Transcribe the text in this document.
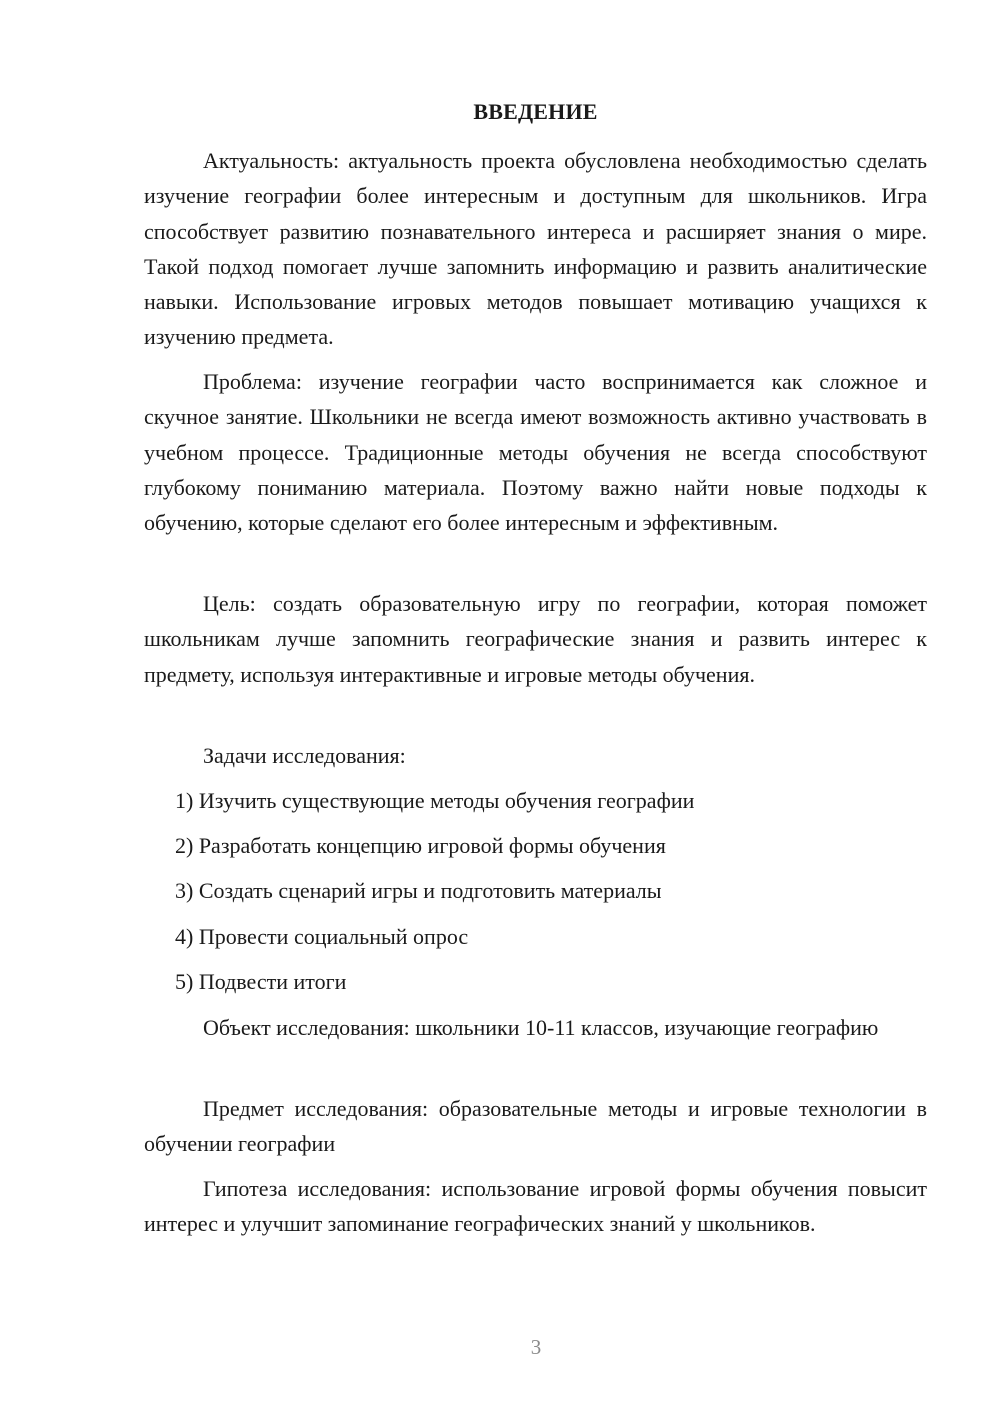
ВВЕДЕНИЕ

Актуальность: актуальность проекта обусловлена необходимостью сделать изучение географии более интересным и доступным для школьников. Игра способствует развитию познавательного интереса и расширяет знания о мире. Такой подход помогает лучше запомнить информацию и развить аналитические навыки. Использование игровых методов повышает мотивацию учащихся к изучению предмета.

Проблема: изучение географии часто воспринимается как сложное и скучное занятие. Школьники не всегда имеют возможность активно участвовать в учебном процессе. Традиционные методы обучения не всегда способствуют глубокому пониманию материала. Поэтому важно найти новые подходы к обучению, которые сделают его более интересным и эффективным.

Цель: создать образовательную игру по географии, которая поможет школьникам лучше запомнить географические знания и развить интерес к предмету, используя интерактивные и игровые методы обучения.

Задачи исследования:

1) Изучить существующие методы обучения географии

2) Разработать концепцию игровой формы обучения

3) Создать сценарий игры и подготовить материалы

4) Провести социальный опрос

5) Подвести итоги

Объект исследования: школьники 10-11 классов, изучающие географию

Предмет исследования: образовательные методы и игровые технологии в обучении географии

Гипотеза исследования: использование игровой формы обучения повысит интерес и улучшит запоминание географических знаний у школьников.

3
